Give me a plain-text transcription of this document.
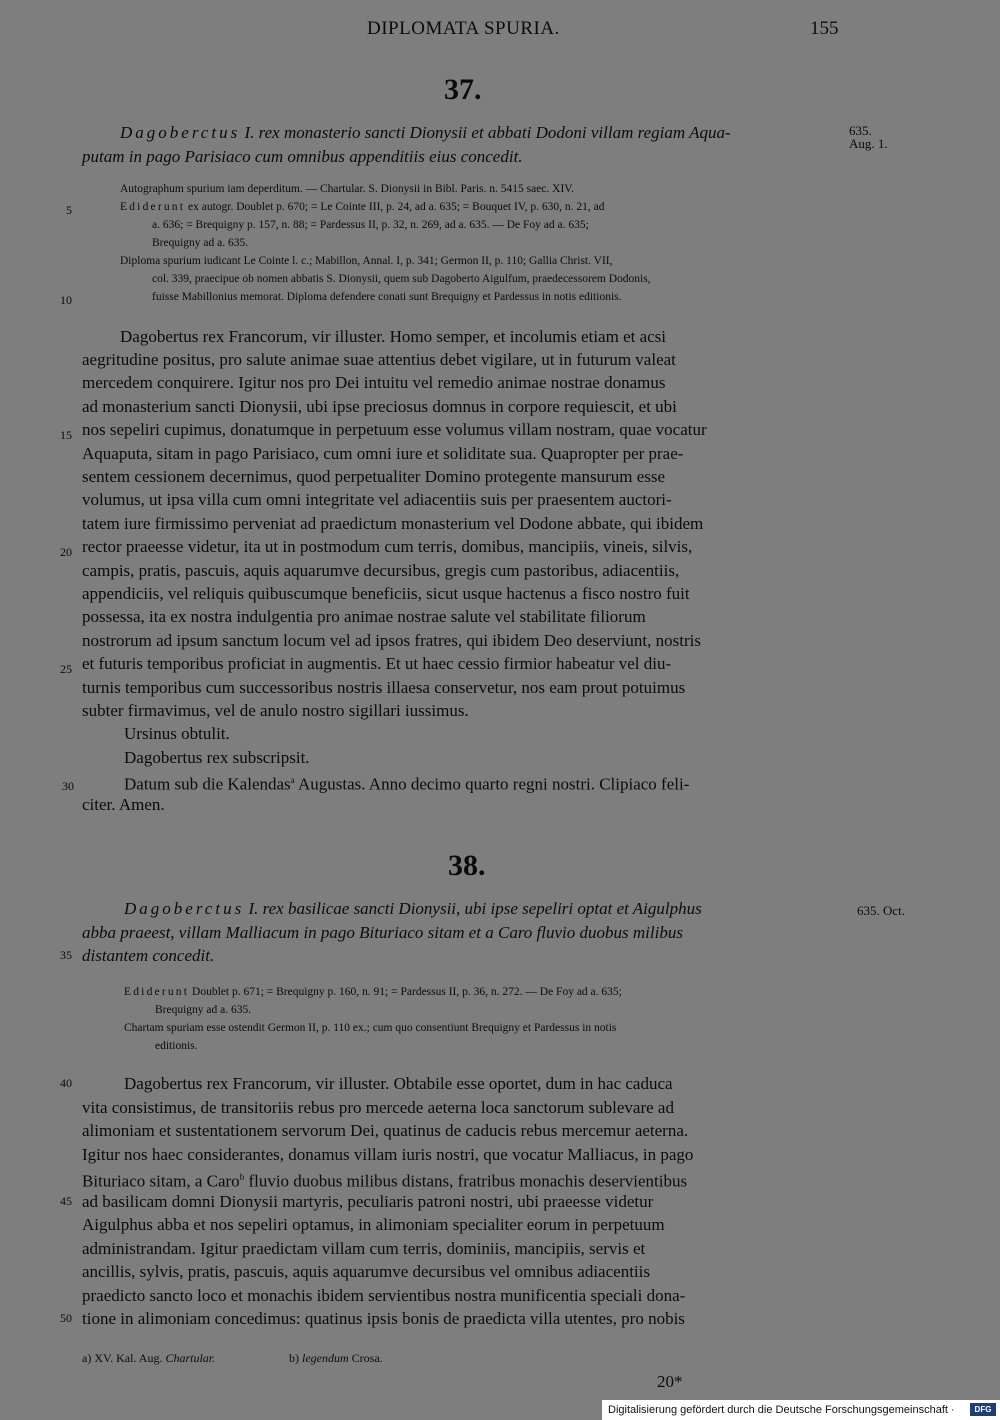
DIPLOMATA SPURIA.	155
37.
635.
Aug. 1.
Dagoberctus I. rex monasterio sancti Dionysii et abbati Dodoni villam regiam Aqua-
putam in pago Parisiaco cum omnibus appenditiis eius concedit.
Autographum spurium iam deperditum. — Chartular. S. Dionysii in Bibl. Paris. n. 5415 saec. XIV.
Ediderunt ex autogr. Doublet p. 670; = Le Cointe III, p. 24, ad a. 635; = Bouquet IV, p. 630, n. 21, ad
a. 636; = Brequigny p. 157, n. 88; = Pardessus II, p. 32, n. 269, ad a. 635. — De Foy ad a. 635;
Brequigny ad a. 635.
Diploma spurium iudicant Le Cointe l. c.; Mabillon, Annal. I, p. 341; Germon II, p. 110; Gallia Christ. VII,
col. 339, praecipue ob nomen abbatis S. Dionysii, quem sub Dagoberto Aigulfum, praedecessorem Dodonis,
fuisse Mabillonius memorat. Diploma defendere conati sunt Brequigny et Pardessus in notis editionis.
5
10
Dagobertus rex Francorum, vir illuster. Homo semper, et incolumis etiam et acsi
aegritudine positus, pro salute animae suae attentius debet vigilare, ut in futurum valeat
mercedem conquirere. Igitur nos pro Dei intuitu vel remedio animae nostrae donamus
ad monasterium sancti Dionysii, ubi ipse preciosus domnus in corpore requiescit, et ubi
nos sepeliri cupimus, donatumque in perpetuum esse volumus villam nostram, quae vocatur
Aquaputa, sitam in pago Parisiaco, cum omni iure et soliditate sua. Quapropter per prae-
sentem cessionem decernimus, quod perpetualiter Domino protegente mansurum esse
volumus, ut ipsa villa cum omni integritate vel adiacentiis suis per praesentem auctori-
tatem iure firmissimo perveniat ad praedictum monasterium vel Dodone abbate, qui ibidem
rector praeesse videtur, ita ut in postmodum cum terris, domibus, mancipiis, vineis, silvis,
campis, pratis, pascuis, aquis aquarumve decursibus, gregis cum pastoribus, adiacentiis,
appendiciis, vel reliquis quibuscumque beneficiis, sicut usque hactenus a fisco nostro fuit
possessa, ita ex nostra indulgentia pro animae nostrae salute vel stabilitate filiorum
nostrorum ad ipsum sanctum locum vel ad ipsos fratres, qui ibidem Deo deserviunt, nostris
et futuris temporibus proficiat in augmentis. Et ut haec cessio firmior habeatur vel diu-
turnis temporibus cum successoribus nostris illaesa conservetur, nos eam prout potuimus
subter firmavimus, vel de anulo nostro sigillari iussimus.
Ursinus obtulit.
Dagobertus rex subscripsit.
Datum sub die Kalendas$^a$ Augustas. Anno decimo quarto regni nostri. Clipiaco feli-
citer. Amen.
15
20
25
30
38.
635. Oct.
Dagoberctus I. rex basilicae sancti Dionysii, ubi ipse sepeliri optat et Aigulphus
abba praeest, villam Malliacum in pago Bituriaco sitam et a Caro fluvio duobus milibus
distantem concedit.
35
Ediderunt Doublet p. 671; = Brequigny p. 160, n. 91; = Pardessus II, p. 36, n. 272. — De Foy ad a. 635;
Brequigny ad a. 635.
Chartam spuriam esse ostendit Germon II, p. 110 ex.; cum quo consentiunt Brequigny et Pardessus in notis
editionis.
Dagobertus rex Francorum, vir illuster. Obtabile esse oportet, dum in hac caduca
vita consistimus, de transitoriis rebus pro mercede aeterna loca sanctorum sublevare ad
alimoniam et sustentationem servorum Dei, quatinus de caducis rebus mercemur aeterna.
Igitur nos haec considerantes, donamus villam iuris nostri, que vocatur Malliacus, in pago
Bituriaco sitam, a Caro$^b$ fluvio duobus milibus distans, fratribus monachis deservientibus
ad basilicam domni Dionysii martyris, peculiaris patroni nostri, ubi praeesse videtur
Aigulphus abba et nos sepeliri optamus, in alimoniam specialiter eorum in perpetuum
administrandam. Igitur praedictam villam cum terris, dominiis, mancipiis, servis et
ancillis, sylvis, pratis, pascuis, aquis aquarumve decursibus vel omnibus adiacentiis
praedicto sancto loco et monachis ibidem servientibus nostra munificentia speciali dona-
tione in alimoniam concedimus: quatinus ipsis bonis de praedicta villa utentes, pro nobis
40
45
50
a) XV. Kal. Aug. Chartular.	b) legendum Crosa.
20*
Digitalisierung gefördert durch die Deutsche Forschungsgemeinschaft ·	DFG
